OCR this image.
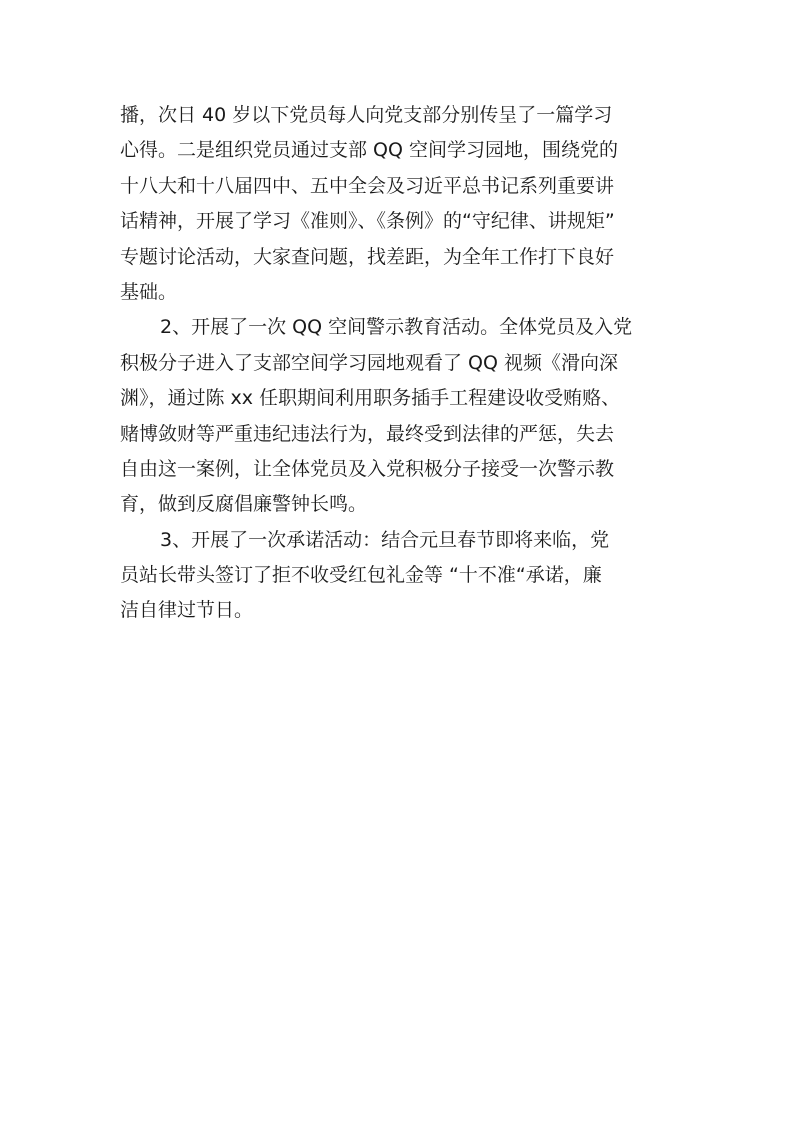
播，次日 40 岁以下党员每人向党支部分别传呈了一篇学习
心得。二是组织党员通过支部 QQ 空间学习园地，围绕党的
十八大和十八届四中、五中全会及习近平总书记系列重要讲
话精神，开展了学习《准则》、《条例》的“守纪律、讲规矩”
专题讨论活动，大家查问题，找差距，为全年工作打下良好
基础。
2、开展了一次 QQ 空间警示教育活动。全体党员及入党
积极分子进入了支部空间学习园地观看了 QQ 视频《滑向深
渊》，通过陈 xx 任职期间利用职务插手工程建设收受贿赂、
赌博敛财等严重违纪违法行为，最终受到法律的严惩，失去
自由这一案例，让全体党员及入党积极分子接受一次警示教
育，做到反腐倡廉警钟长鸣。
3、开展了一次承诺活动：结合元旦春节即将来临，党
员站长带头签订了拒不收受红包礼金等 “十不准“承诺，廉
洁自律过节日。
